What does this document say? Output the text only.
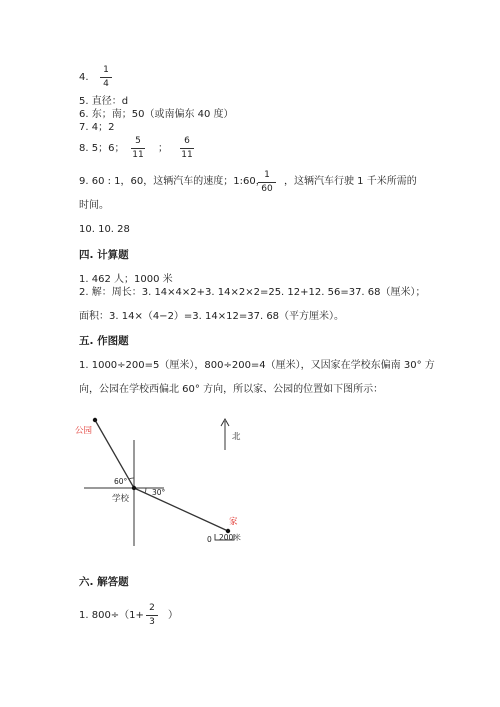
4.
1
4
5. 直径：d
6. 东；南；50（或南偏东 40 度）
7. 4；2
8. 5；6；
5
11
；
6
11
9. 60 : 1，60，这辆汽车的速度；1:60，
1
60
，这辆汽车行驶 1 千米所需的
时间。
10. 10. 28
四. 计算题
1. 462 人；1000 米
2. 解：周长：3. 14×4×2+3. 14×2×2=25. 12+12. 56=37. 68（厘米）；
面积：3. 14×（4−2）=3. 14×12=37. 68（平方厘米）。
五. 作图题
1. 1000÷200=5（厘米），800÷200=4（厘米），又因家在学校东偏南 30° 方
向，公园在学校西偏北 60° 方向，所以家、公园的位置如下图所示：
公园
学校
家
60°
30°
北
0 200米
六. 解答题
1. 800÷（1+
2
3
）
